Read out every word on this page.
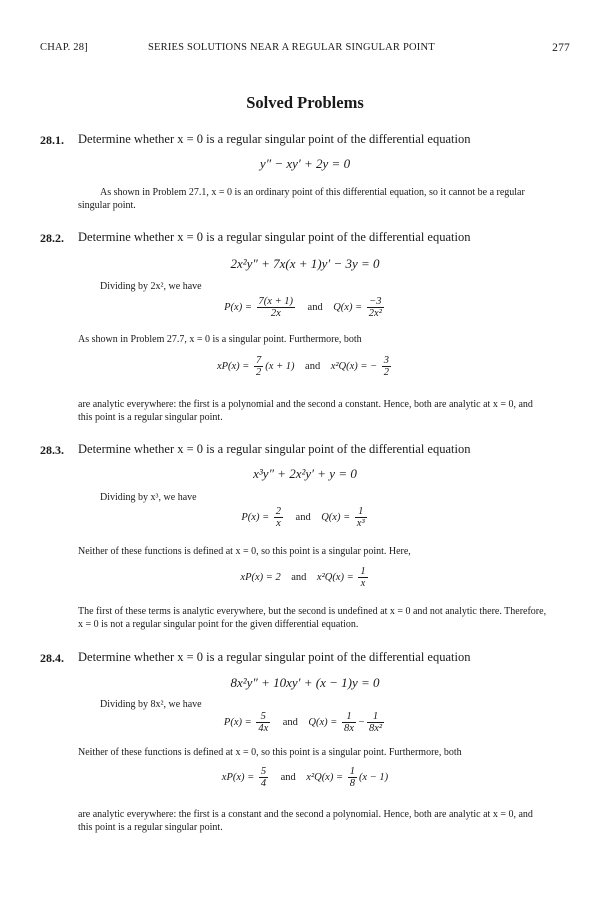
CHAP. 28]	SERIES SOLUTIONS NEAR A REGULAR SINGULAR POINT	277
Solved Problems
28.1. Determine whether x = 0 is a regular singular point of the differential equation
y″ − xy′ + 2y = 0
As shown in Problem 27.1, x = 0 is an ordinary point of this differential equation, so it cannot be a regular
singular point.
28.2. Determine whether x = 0 is a regular singular point of the differential equation
2x²y″ + 7x(x + 1)y′ − 3y = 0
Dividing by 2x², we have
$P(x) = \frac{7(x + 1)}{2x}$ and $Q(x) = \frac{-3}{\text{2x²}}$
As shown in Problem 27.7, x = 0 is a singular point. Furthermore, both
$xP(x) = \frac{7}{2} (x + 1)$ and x²Q(x) = − $\frac{3}{2}$
are analytic everywhere: the first is a polynomial and the second a constant. Hence, both are analytic at x = 0, and
this point is a regular singular point.
28.3. Determine whether x = 0 is a regular singular point of the differential equation
x³y″ + 2x²y′ + y = 0
Dividing by x³, we have
$P(x) = \frac{2}{x}$ and $Q(x) = \frac{1}{\text{x³}}$
Neither of these functions is defined at x = 0, so this point is a singular point. Here,
xP(x) = 2 and $x^2Q(x) = \frac{1}{x}$
The first of these terms is analytic everywhere, but the second is undefined at x = 0 and not analytic there. Therefore,
x = 0 is not a regular singular point for the given differential equation.
28.4. Determine whether x = 0 is a regular singular point of the differential equation
8x²y″ + 10xy′ + (x − 1)y = 0
Dividing by 8x², we have
$P(x) = \frac{5}{4x}$ and $Q(x) = \frac{1}{8x} - \frac{1}{\text{8x²}}$
Neither of these functions is defined at x = 0, so this point is a singular point. Furthermore, both
$xP(x) = \frac{5}{4}$ and $x^2Q(x) = \frac{1}{8} (x - 1)$
are analytic everywhere: the first is a constant and the second a polynomial. Hence, both are analytic at x = 0, and
this point is a regular singular point.
